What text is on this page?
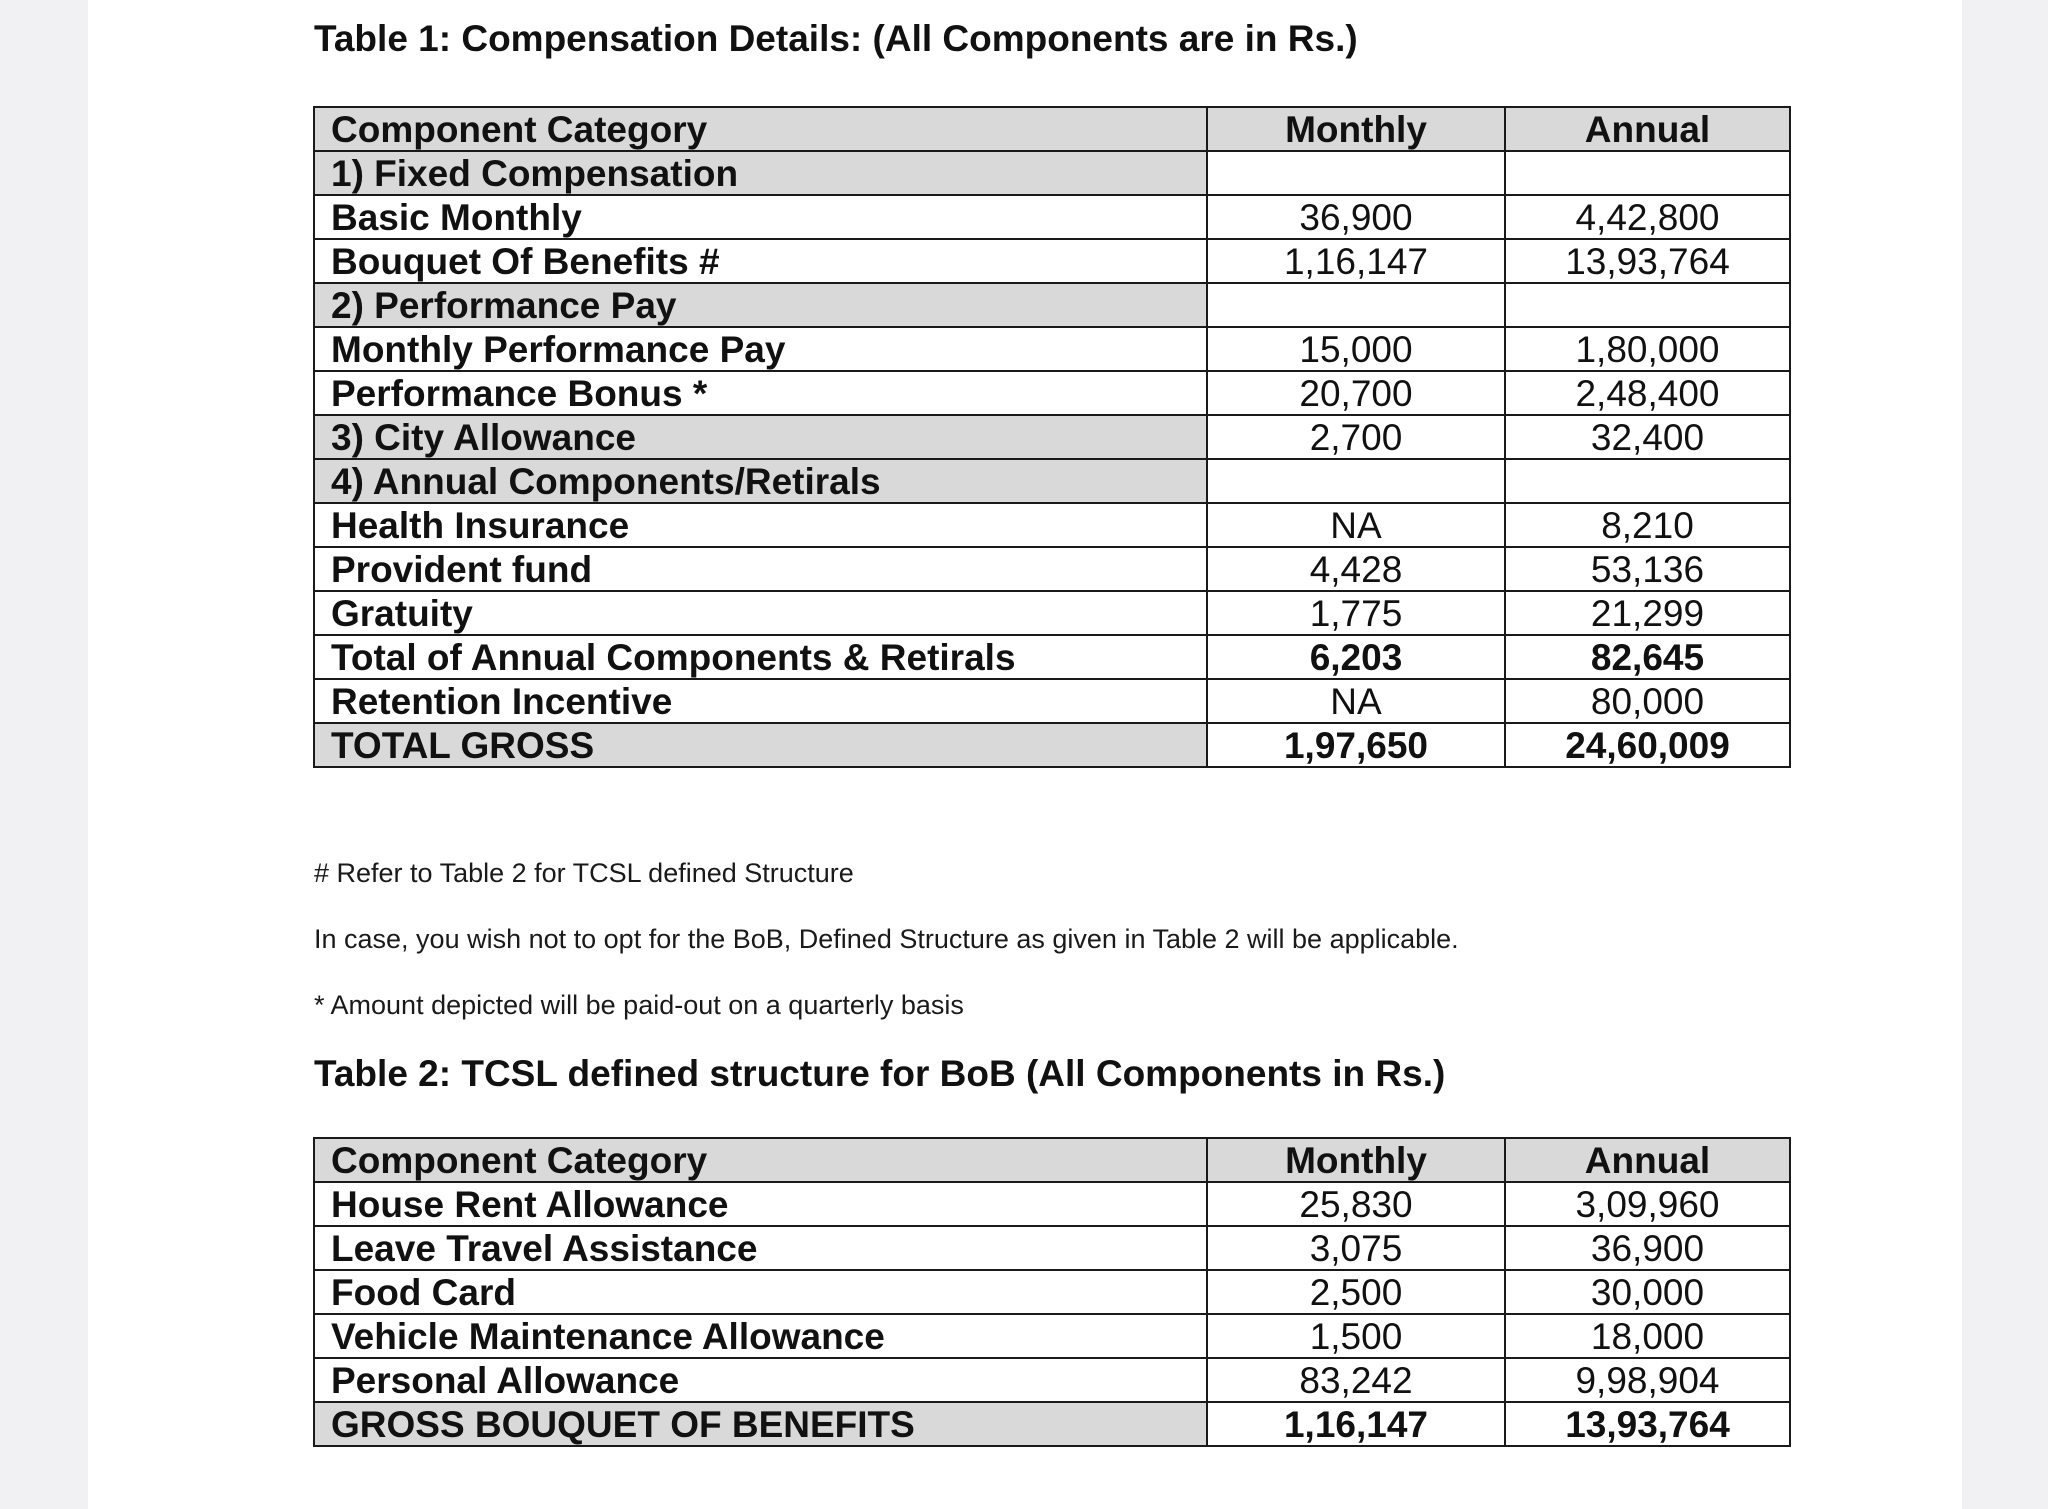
Table 1: Compensation Details: (All Components are in Rs.)
Component Category	Monthly	Annual
1) Fixed Compensation		
Basic Monthly	36,900	4,42,800
Bouquet Of Benefits #	1,16,147	13,93,764
2) Performance Pay		
Monthly Performance Pay	15,000	1,80,000
Performance Bonus *	20,700	2,48,400
3) City Allowance	2,700	32,400
4) Annual Components/Retirals		
Health Insurance	NA	8,210
Provident fund	4,428	53,136
Gratuity	1,775	21,299
Total of Annual Components & Retirals	6,203	82,645
Retention Incentive	NA	80,000
TOTAL GROSS	1,97,650	24,60,009

# Refer to Table 2 for TCSL defined Structure

In case, you wish not to opt for the BoB, Defined Structure as given in Table 2 will be applicable.

* Amount depicted will be paid-out on a quarterly basis

Table 2: TCSL defined structure for BoB (All Components in Rs.)
Component Category	Monthly	Annual
House Rent Allowance	25,830	3,09,960
Leave Travel Assistance	3,075	36,900
Food Card	2,500	30,000
Vehicle Maintenance Allowance	1,500	18,000
Personal Allowance	83,242	9,98,904
GROSS BOUQUET OF BENEFITS	1,16,147	13,93,764
